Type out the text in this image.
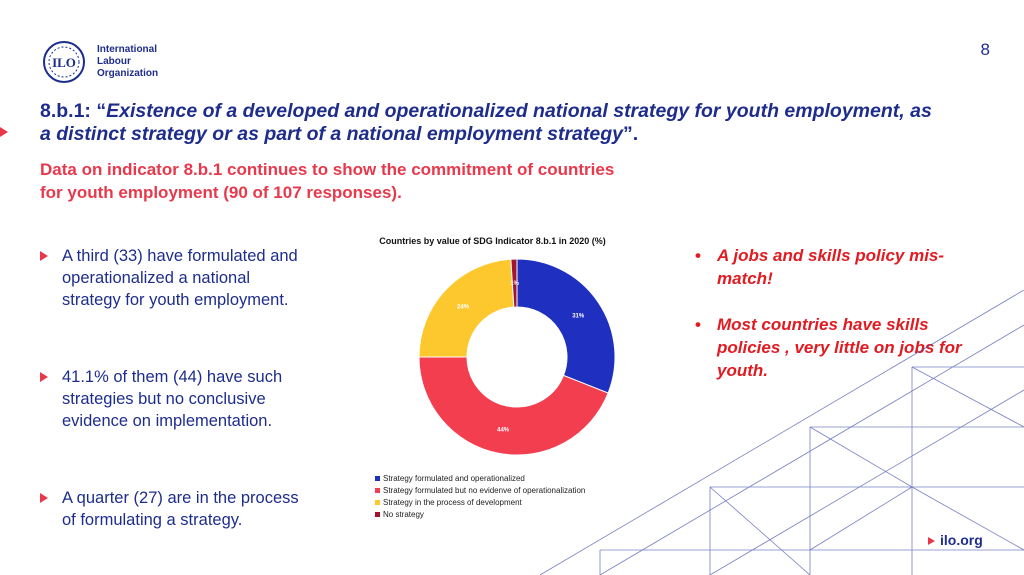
ILO
International
Labour
Organization
8
8.b.1: “Existence of a developed and operationalized national strategy for youth employment, as a distinct strategy or as part of a national employment strategy”.
Data on indicator 8.b.1 continues to show the commitment of countries for youth employment (90 of 107 responses).
A third (33) have formulated and operationalized a national strategy for youth employment.
41.1% of them (44) have such strategies but no conclusive evidence on implementation.
A quarter (27) are in the process of formulating a strategy.
Countries by value of SDG Indicator 8.b.1 in 2020 (%)
31%
44%
24%
1%
Strategy formulated and operationalized
Strategy formulated but no evidenve of operationalization
Strategy in the process of development
No strategy
• A jobs and skills policy mis-match!
• Most countries have skills policies , very little on jobs for youth.
ilo.org
